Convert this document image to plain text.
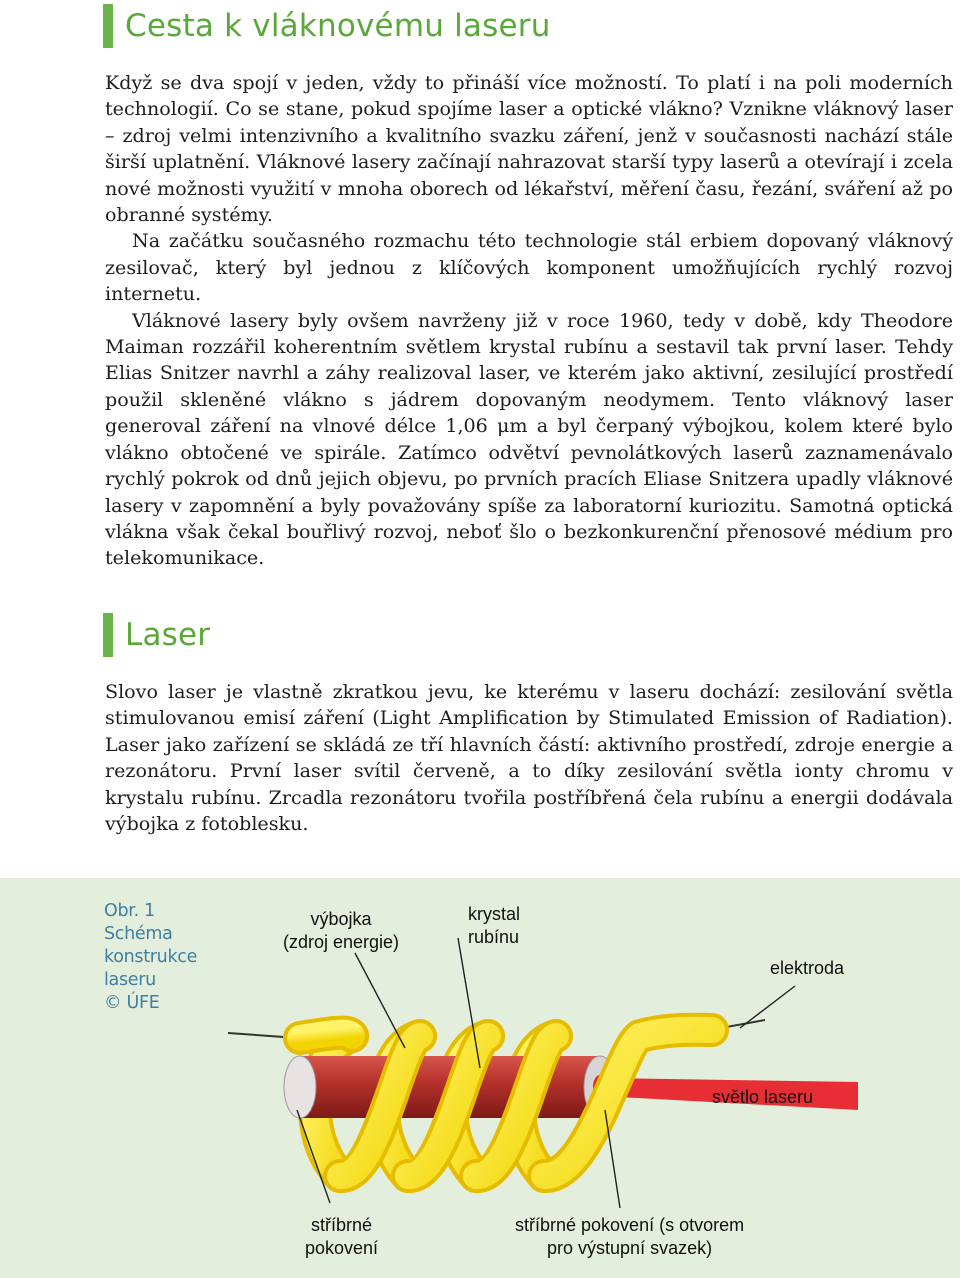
Cesta k vláknovému laseru

Když se dva spojí v jeden, vždy to přináší více možností. To platí i na poli moderních technologií. Co se stane, pokud spojíme laser a optické vlákno? Vznikne vláknový laser – zdroj velmi intenzivního a kvalitního svazku záření, jenž v současnosti nachází stále širší uplatnění. Vláknové lasery začínají nahrazovat starší typy laserů a otevírají i zcela nové možnosti využití v mnoha oborech od lékařství, měření času, řezání, sváření až po obranné systémy.

Na začátku současného rozmachu této technologie stál erbiem dopovaný vláknový zesilovač, který byl jednou z klíčových komponent umožňujících rychlý rozvoj internetu.

Vláknové lasery byly ovšem navrženy již v roce 1960, tedy v době, kdy Theodore Maiman rozzářil koherentním světlem krystal rubínu a sestavil tak první laser. Tehdy Elias Snitzer navrhl a záhy realizoval laser, ve kterém jako aktivní, zesilující prostředí použil skleněné vlákno s jádrem dopovaným neodymem. Tento vláknový laser generoval záření na vlnové délce 1,06 μm a byl čerpaný výbojkou, kolem které bylo vlákno obtočené ve spirále. Zatímco odvětví pevnolátkových laserů zaznamenávalo rychlý pokrok od dnů jejich objevu, po prvních pracích Eliase Snitzera upadly vláknové lasery v zapomnění a byly považovány spíše za laboratorní kuriozitu. Samotná optická vlákna však čekal bouřlivý rozvoj, neboť šlo o bezkonkurenční přenosové médium pro telekomunikace.

Laser

Slovo laser je vlastně zkratkou jevu, ke kterému v laseru dochází: zesilování světla stimulovanou emisí záření (Light Amplification by Stimulated Emission of Radiation). Laser jako zařízení se skládá ze tří hlavních částí: aktivního prostředí, zdroje energie a rezonátoru. První laser svítil červeně, a to díky zesilování světla ionty chromu v krystalu rubínu. Zrcadla rezonátoru tvořila postříbřená čela rubínu a energii dodávala výbojka z fotoblesku.

Obr. 1
Schéma
konstrukce
laseru
© ÚFE
výbojka
(zdroj energie)
krystal
rubínu
elektroda
světlo laseru
stříbrné
pokovení
stříbrné pokovení (s otvorem
pro výstupní svazek)
